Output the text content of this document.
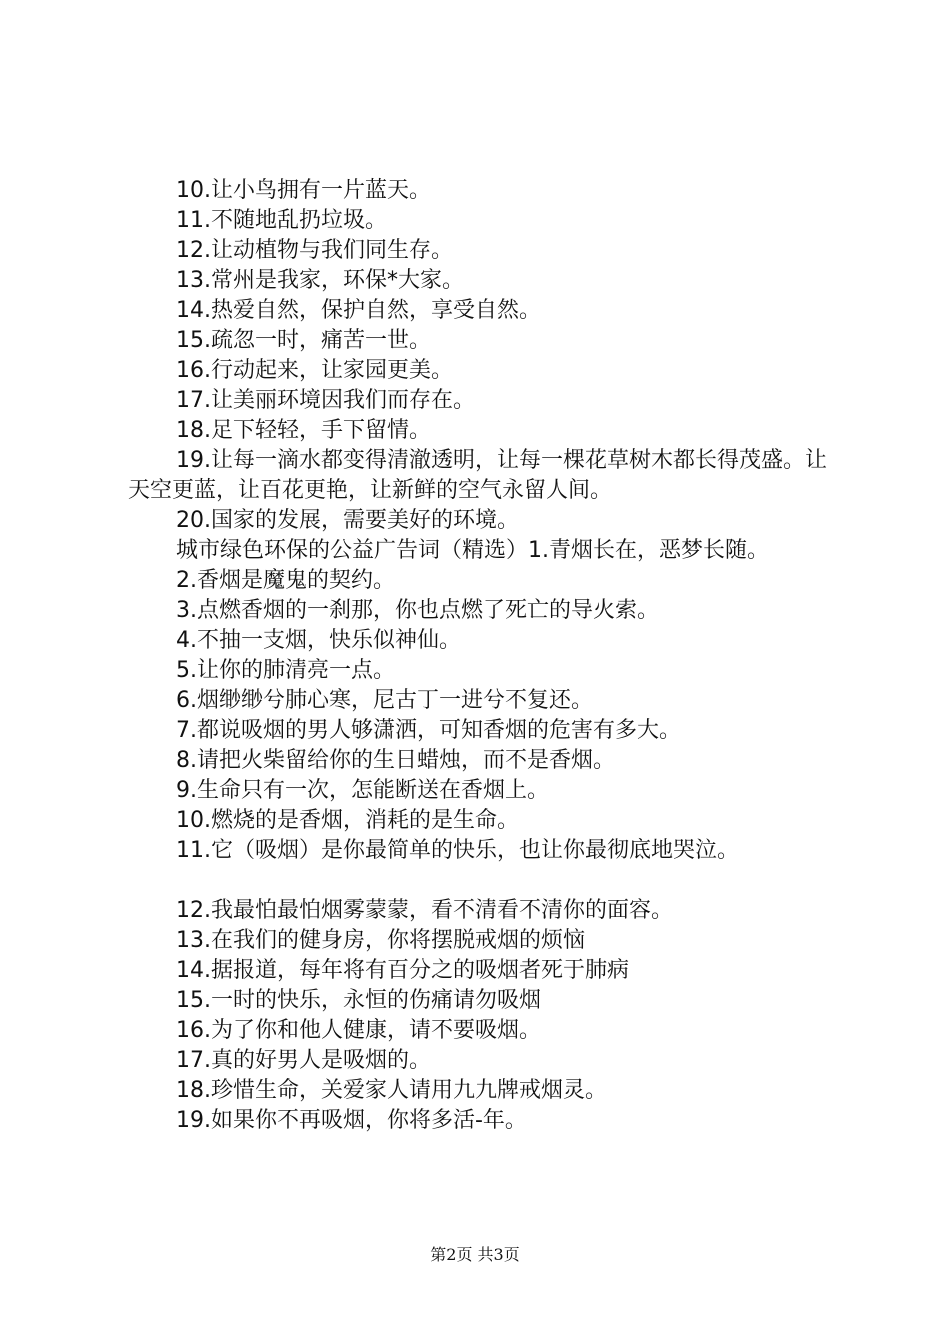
10.让小鸟拥有一片蓝天。
11.不随地乱扔垃圾。
12.让动植物与我们同生存。
13.常州是我家，环保*大家。
14.热爱自然，保护自然，享受自然。
15.疏忽一时，痛苦一世。
16.行动起来，让家园更美。
17.让美丽环境因我们而存在。
18.足下轻轻，手下留情。
19.让每一滴水都变得清澈透明，让每一棵花草树木都长得茂盛。让天空更蓝，让百花更艳，让新鲜的空气永留人间。
20.国家的发展，需要美好的环境。
城市绿色环保的公益广告词（精选）1.青烟长在，恶梦长随。
2.香烟是魔鬼的契约。
3.点燃香烟的一刹那，你也点燃了死亡的导火索。
4.不抽一支烟，快乐似神仙。
5.让你的肺清亮一点。
6.烟缈缈兮肺心寒，尼古丁一进兮不复还。
7.都说吸烟的男人够潇洒，可知香烟的危害有多大。
8.请把火柴留给你的生日蜡烛，而不是香烟。
9.生命只有一次，怎能断送在香烟上。
10.燃烧的是香烟，消耗的是生命。
11.它（吸烟）是你最简单的快乐，也让你最彻底地哭泣。
12.我最怕最怕烟雾蒙蒙，看不清看不清你的面容。
13.在我们的健身房，你将摆脱戒烟的烦恼
14.据报道，每年将有百分之的吸烟者死于肺病
15.一时的快乐，永恒的伤痛请勿吸烟
16.为了你和他人健康，请不要吸烟。
17.真的好男人是吸烟的。
18.珍惜生命，关爱家人请用九九牌戒烟灵。
19.如果你不再吸烟，你将多活-年。
第2页 共3页
